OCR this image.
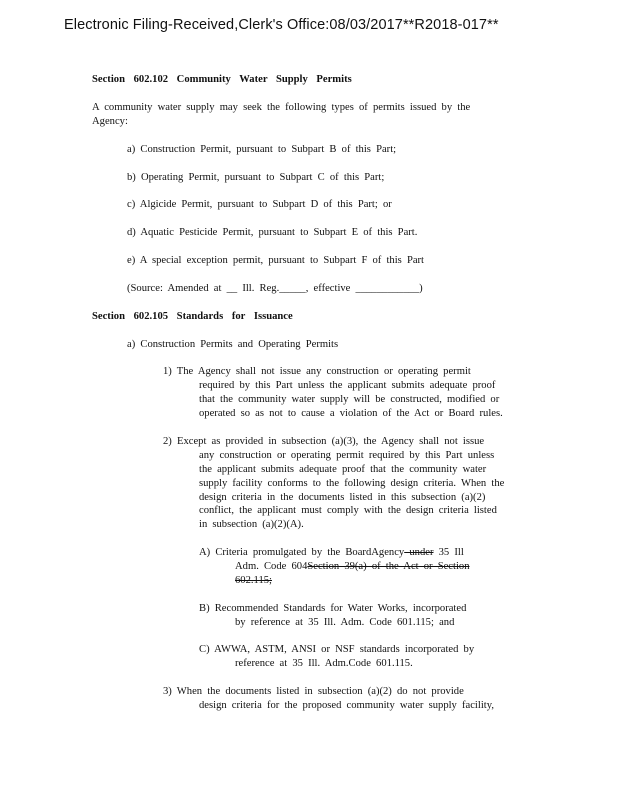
Electronic Filing-Received,Clerk's Office:08/03/2017**R2018-017**
Section 602.102 Community Water Supply Permits
A community water supply may seek the following types of permits issued by the
Agency:
a) Construction Permit, pursuant to Subpart B of this Part;
b) Operating Permit, pursuant to Subpart C of this Part;
c) Algicide Permit, pursuant to Subpart D of this Part; or
d) Aquatic Pesticide Permit, pursuant to Subpart E of this Part.
e) A special exception permit, pursuant to Subpart F of this Part
(Source: Amended at __ Ill. Reg._____, effective ____________)
Section 602.105 Standards for Issuance
a) Construction Permits and Operating Permits
1) The Agency shall not issue any construction or operating permit
required by this Part unless the applicant submits adequate proof
that the community water supply will be constructed, modified or
operated so as not to cause a violation of the Act or Board rules.
2) Except as provided in subsection (a)(3), the Agency shall not issue
any construction or operating permit required by this Part unless
the applicant submits adequate proof that the community water
supply facility conforms to the following design criteria. When the
design criteria in the documents listed in this subsection (a)(2)
conflict, the applicant must comply with the design criteria listed
in subsection (a)(2)(A).
A) Criteria promulgated by the BoardAgency under 35 Ill
Adm. Code 604Section 39(a) of the Act or Section
602.115;
B) Recommended Standards for Water Works, incorporated
by reference at 35 Ill. Adm. Code 601.115; and
C) AWWA, ASTM, ANSI or NSF standards incorporated by
reference at 35 Ill. Adm.Code 601.115.
3) When the documents listed in subsection (a)(2) do not provide
design criteria for the proposed community water supply facility,
